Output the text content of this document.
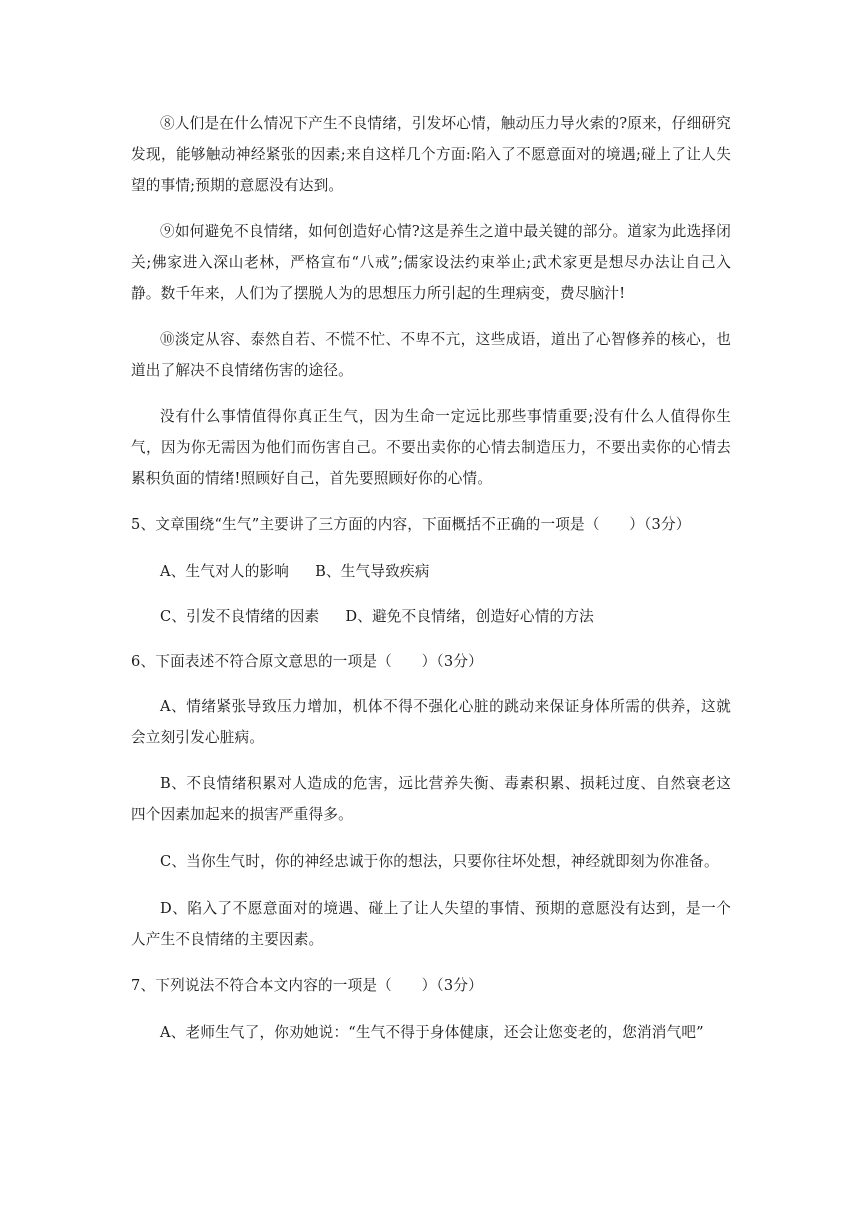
⑧人们是在什么情况下产生不良情绪，引发坏心情，触动压力导火索的?原来，仔细研究发现，能够触动神经紧张的因素;来自这样几个方面:陷入了不愿意面对的境遇;碰上了让人失望的事情;预期的意愿没有达到。

⑨如何避免不良情绪，如何创造好心情?这是养生之道中最关键的部分。道家为此选择闭关;佛家进入深山老林，严格宣布“八戒”;儒家设法约束举止;武术家更是想尽办法让自己入静。数千年来，人们为了摆脱人为的思想压力所引起的生理病变，费尽脑汁!

⑩淡定从容、泰然自若、不慌不忙、不卑不亢，这些成语，道出了心智修养的核心，也道出了解决不良情绪伤害的途径。

没有什么事情值得你真正生气，因为生命一定远比那些事情重要;没有什么人值得你生气，因为你无需因为他们而伤害自己。不要出卖你的心情去制造压力，不要出卖你的心情去累积负面的情绪!照顾好自己，首先要照顾好你的心情。

5、文章围绕“生气”主要讲了三方面的内容，下面概括不正确的一项是（　　）（3分）

A、生气对人的影响 B、生气导致疾病

C、引发不良情绪的因素 D、避免不良情绪，创造好心情的方法

6、下面表述不符合原文意思的一项是（　　）（3分）

A、情绪紧张导致压力增加，机体不得不强化心脏的跳动来保证身体所需的供养，这就会立刻引发心脏病。

B、不良情绪积累对人造成的危害，远比营养失衡、毒素积累、损耗过度、自然衰老这四个因素加起来的损害严重得多。

C、当你生气时，你的神经忠诚于你的想法，只要你往坏处想，神经就即刻为你准备。

D、陷入了不愿意面对的境遇、碰上了让人失望的事情、预期的意愿没有达到，是一个人产生不良情绪的主要因素。

7、下列说法不符合本文内容的一项是（　　）（3分）

A、老师生气了，你劝她说：“生气不得于身体健康，还会让您变老的，您消消气吧”
